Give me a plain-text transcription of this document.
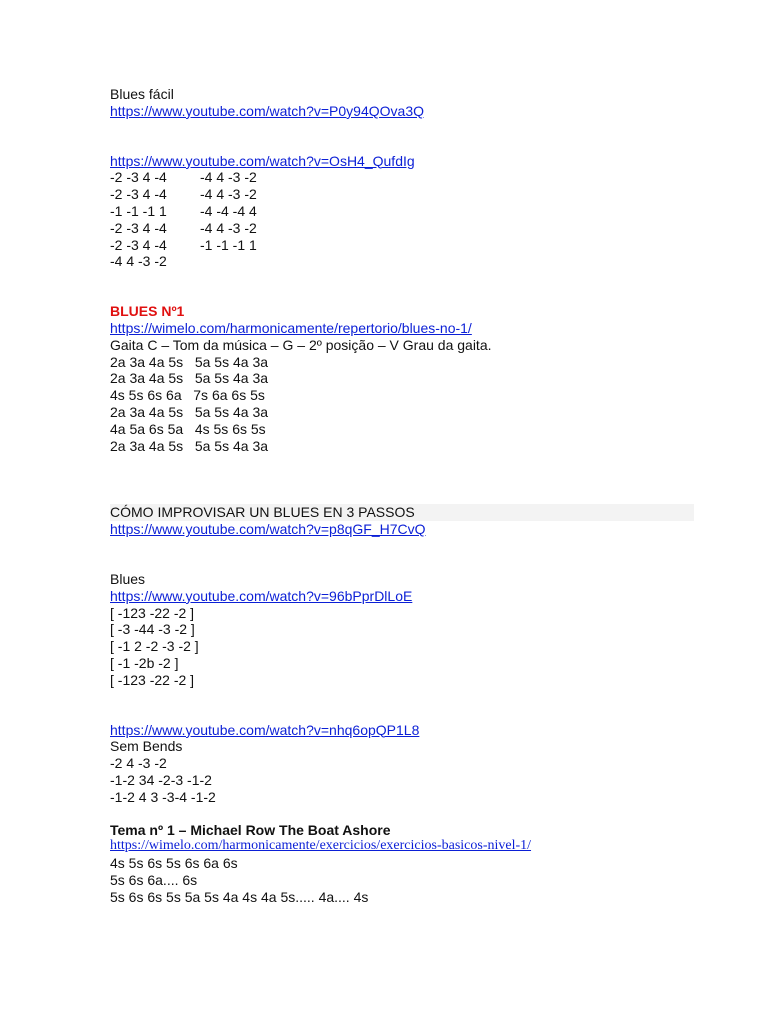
Blues fácil

https://www.youtube.com/watch?v=P0y94QOva3Q

https://www.youtube.com/watch?v=OsH4_QufdIg

-2 -3 4 -4	-4 4 -3 -2
-2 -3 4 -4	-4 4 -3 -2
-1 -1 -1 1	-4 -4 -4 4
-2 -3 4 -4	-4 4 -3 -2
-2 -3 4 -4	-1 -1 -1 1
-4 4 -3 -2

BLUES Nº1

https://wimelo.com/harmonicamente/repertorio/blues-no-1/

Gaita C – Tom da música – G – 2º posição – V Grau da gaita.

2a 3a 4a 5s   5a 5s 4a 3a

2a 3a 4a 5s   5a 5s 4a 3a

4s 5s 6s 6a   7s 6a 6s 5s

2a 3a 4a 5s   5a 5s 4a 3a

4a 5a 6s 5a   4s 5s 6s 5s

2a 3a 4a 5s   5a 5s 4a 3a

CÓMO IMPROVISAR UN BLUES EN 3 PASSOS

https://www.youtube.com/watch?v=p8qGF_H7CvQ

Blues

https://www.youtube.com/watch?v=96bPprDlLoE

[ -123 -22 -2 ]

[ -3 -44 -3 -2 ]

[ -1 2 -2 -3 -2 ]

[ -1 -2b -2 ]

[ -123 -22 -2 ]

https://www.youtube.com/watch?v=nhq6opQP1L8

Sem Bends

-2 4 -3 -2

-1-2 34 -2-3 -1-2

-1-2 4 3 -3-4 -1-2

Tema nº 1 – Michael Row The Boat Ashore

https://wimelo.com/harmonicamente/exercicios/exercicios-basicos-nivel-1/

4s 5s 6s 5s 6s 6a 6s

5s 6s 6a.... 6s

5s 6s 6s 5s 5a 5s 4a 4s 4a 5s..... 4a.... 4s
